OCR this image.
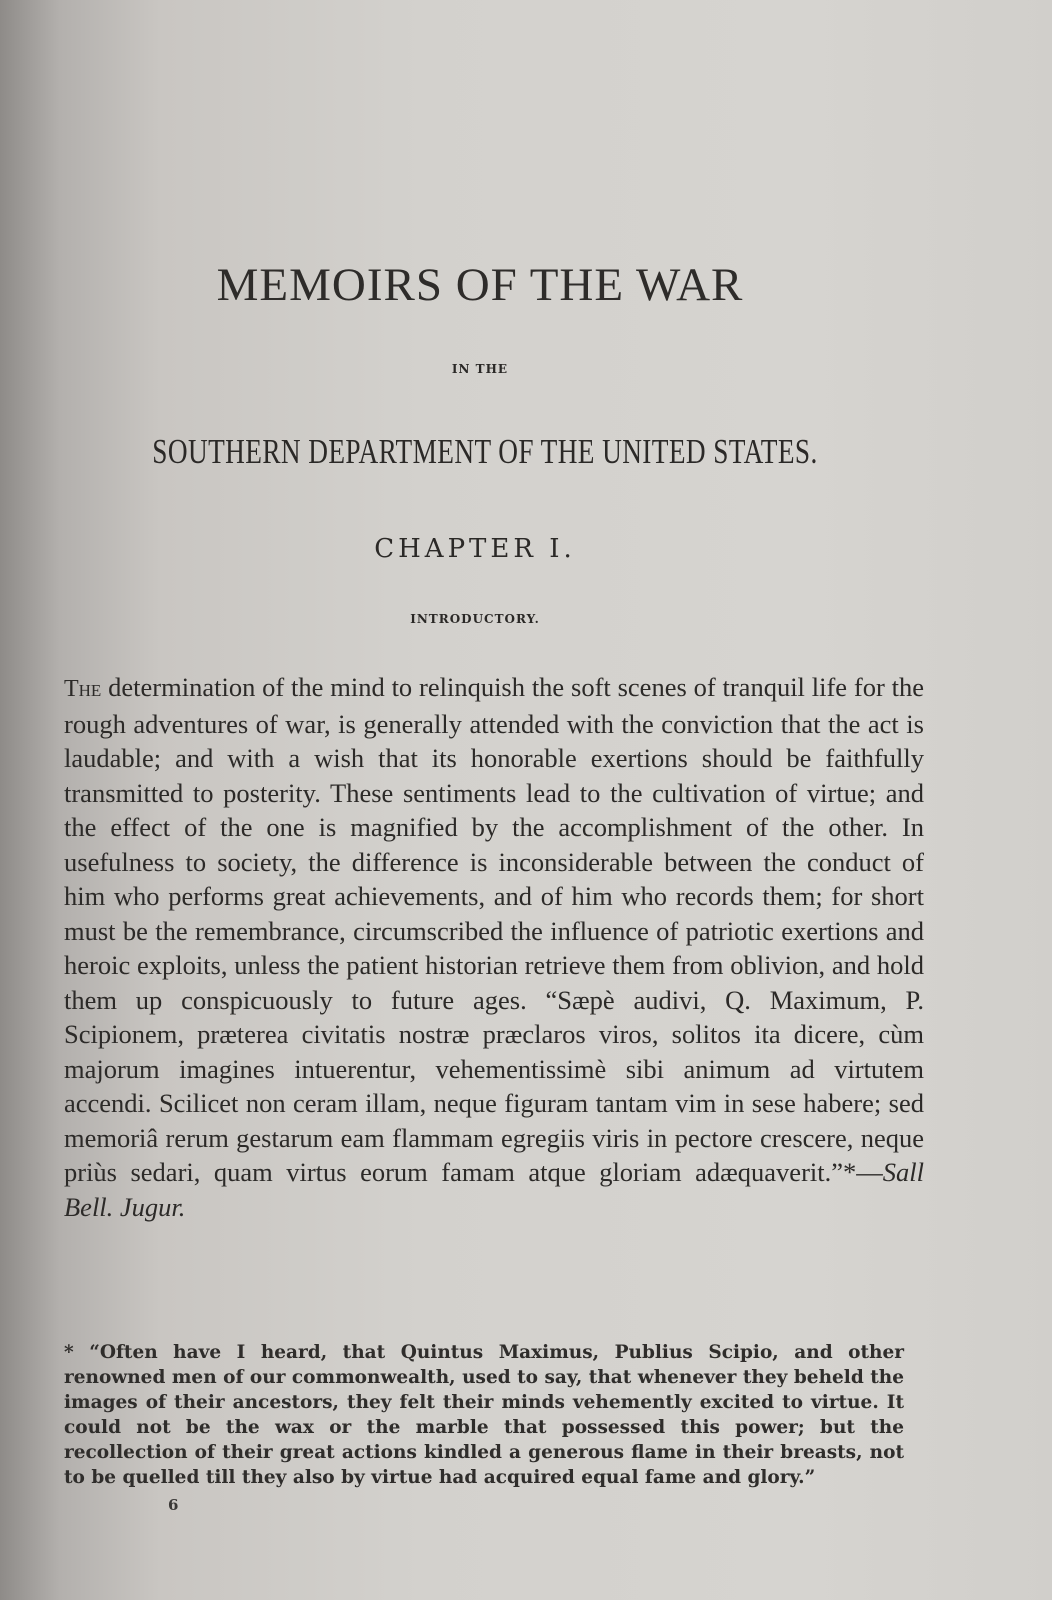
MEMOIRS OF THE WAR
IN THE
SOUTHERN DEPARTMENT OF THE UNITED STATES.
CHAPTER I.
INTRODUCTORY.

The determination of the mind to relinquish the soft scenes of tranquil life for the rough adventures of war, is generally attended with the conviction that the act is laudable; and with a wish that its honorable exertions should be faithfully transmitted to posterity. These sentiments lead to the cultivation of virtue; and the effect of the one is magnified by the accomplishment of the other. In usefulness to society, the difference is inconsiderable between the conduct of him who performs great achievements, and of him who records them; for short must be the remembrance, circumscribed the influence of patriotic exertions and heroic exploits, unless the patient historian retrieve them from oblivion, and hold them up conspicuously to future ages. “Sæpè audivi, Q. Maximum, P. Scipionem, præterea civitatis nostræ præclaros viros, solitos ita dicere, cùm majorum imagines intuerentur, vehementissimè sibi animum ad virtutem accendi. Scilicet non ceram illam, neque figuram tantam vim in sese habere; sed memoriâ rerum gestarum eam flammam egregiis viris in pectore crescere, neque priùs sedari, quam virtus eorum famam atque gloriam adæquaverit.”*—Sall Bell. Jugur.

* “Often have I heard, that Quintus Maximus, Publius Scipio, and other renowned men of our commonwealth, used to say, that whenever they beheld the images of their ancestors, they felt their minds vehemently excited to virtue. It could not be the wax or the marble that possessed this power; but the recollection of their great actions kindled a generous flame in their breasts, not to be quelled till they also by virtue had acquired equal fame and glory.”

6
